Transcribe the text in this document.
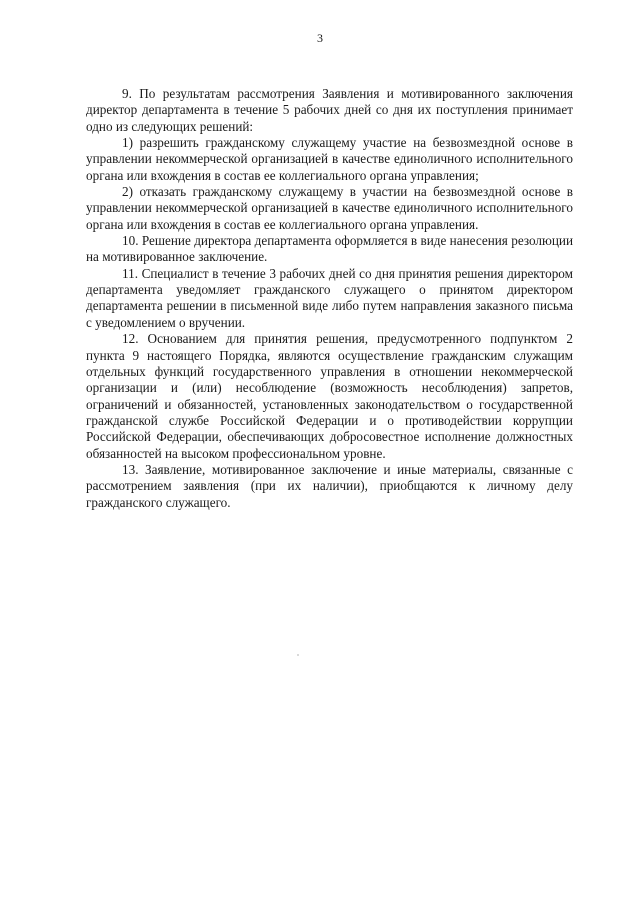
3

9. По результатам рассмотрения Заявления и мотивированного заключения директор департамента в течение 5 рабочих дней со дня их поступления принимает одно из следующих решений:

1) разрешить гражданскому служащему участие на безвозмездной основе в управлении некоммерческой организацией в качестве единоличного исполнительного органа или вхождения в состав ее коллегиального органа управления;

2) отказать гражданскому служащему в участии на безвозмездной основе в управлении некоммерческой организацией в качестве единоличного исполнительного органа или вхождения в состав ее коллегиального органа управления.

10. Решение директора департамента оформляется в виде нанесения резолюции на мотивированное заключение.

11. Специалист в течение 3 рабочих дней со дня принятия решения директором департамента уведомляет гражданского служащего о принятом директором департамента решении в письменной виде либо путем направления заказного письма с уведомлением о вручении.

12. Основанием для принятия решения, предусмотренного подпунктом 2 пункта 9 настоящего Порядка, являются осуществление гражданским служащим отдельных функций государственного управления в отношении некоммерческой организации и (или) несоблюдение (возможность несоблюдения) запретов, ограничений и обязанностей, установленных законодательством о государственной гражданской службе Российской Федерации и о противодействии коррупции Российской Федерации, обеспечивающих добросовестное исполнение должностных обязанностей на высоком профессиональном уровне.

13. Заявление, мотивированное заключение и иные материалы, связанные с рассмотрением заявления (при их наличии), приобщаются к личному делу гражданского служащего.
